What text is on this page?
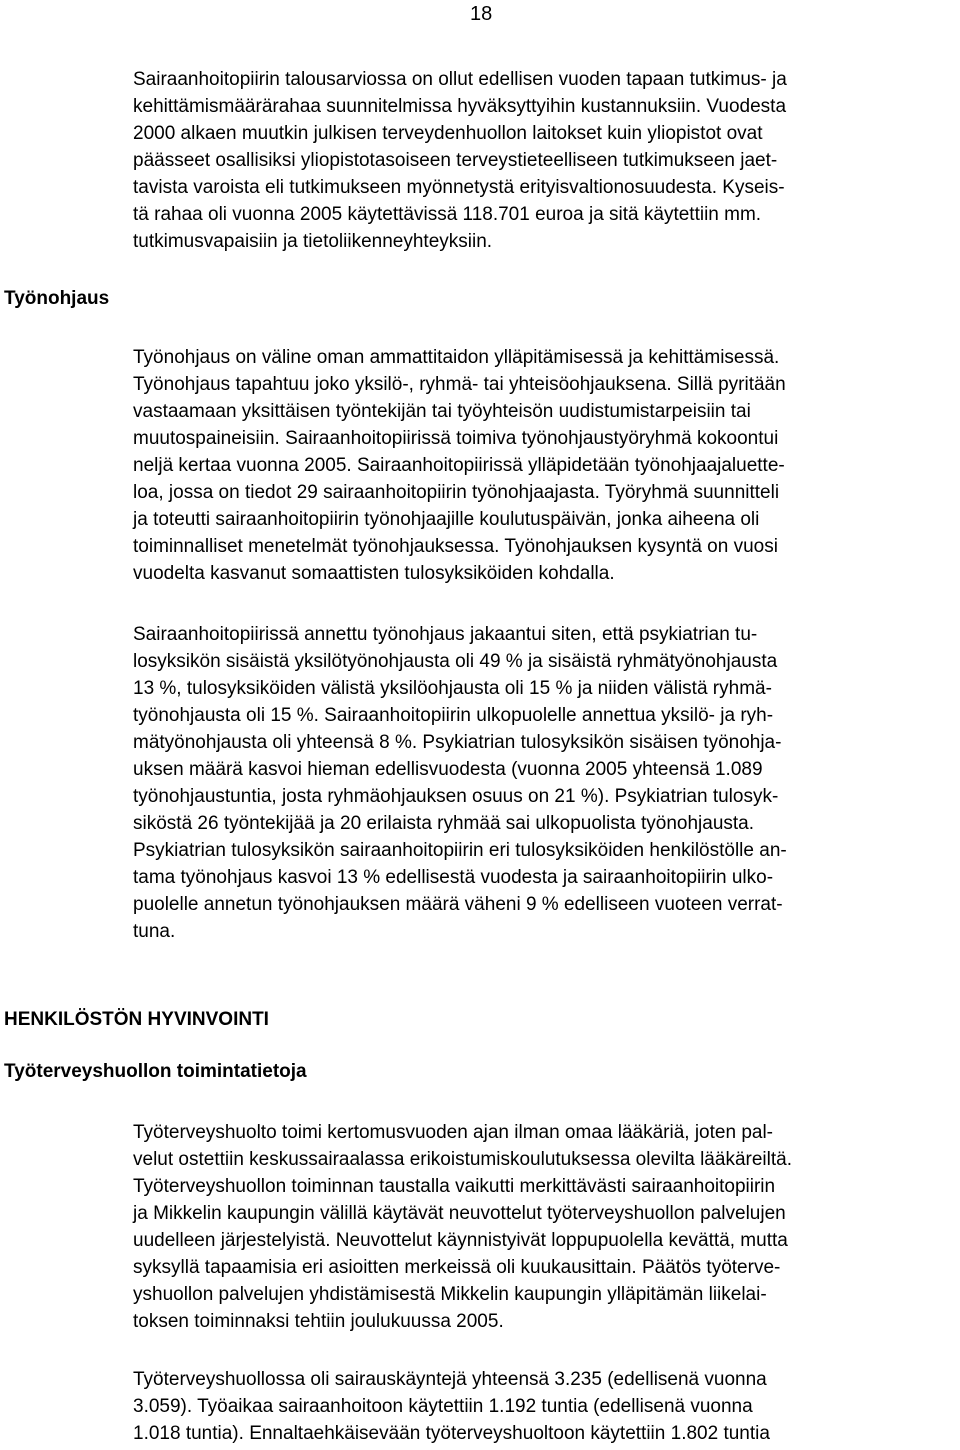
18
Sairaanhoitopiirin talousarviossa on ollut edellisen vuoden tapaan tutkimus- ja
kehittämismäärärahaa suunnitelmissa hyväksyttyihin kustannuksiin. Vuodesta
2000 alkaen muutkin julkisen terveydenhuollon laitokset kuin yliopistot ovat
päässeet osallisiksi yliopistotasoiseen terveystieteelliseen tutkimukseen jaet-
tavista varoista eli tutkimukseen myönnetystä erityisvaltionosuudesta. Kyseis-
tä rahaa oli vuonna 2005 käytettävissä 118.701 euroa ja sitä käytettiin mm.
tutkimusvapaisiin ja tietoliikenneyhteyksiin.
Työnohjaus
Työnohjaus on väline oman ammattitaidon ylläpitämisessä ja kehittämisessä.
Työnohjaus tapahtuu joko yksilö-, ryhmä- tai yhteisöohjauksena. Sillä pyritään
vastaamaan yksittäisen työntekijän tai työyhteisön uudistumistarpeisiin tai
muutospaineisiin. Sairaanhoitopiirissä toimiva työnohjaustyöryhmä kokoontui
neljä kertaa vuonna 2005. Sairaanhoitopiirissä ylläpidetään työnohjaajaluette-
loa, jossa on tiedot 29 sairaanhoitopiirin työnohjaajasta. Työryhmä suunnitteli
ja toteutti sairaanhoitopiirin työnohjaajille koulutuspäivän, jonka aiheena oli
toiminnalliset menetelmät työnohjauksessa. Työnohjauksen kysyntä on vuosi
vuodelta kasvanut somaattisten tulosyksiköiden kohdalla.
Sairaanhoitopiirissä annettu työnohjaus jakaantui siten, että psykiatrian tu-
losyksikön sisäistä yksilötyönohjausta oli 49 % ja sisäistä ryhmätyönohjausta
13 %, tulosyksiköiden välistä yksilöohjausta oli 15 % ja niiden välistä ryhmä-
työnohjausta oli 15 %. Sairaanhoitopiirin ulkopuolelle annettua yksilö- ja ryh-
mätyönohjausta oli yhteensä 8 %. Psykiatrian tulosyksikön sisäisen työnohja-
uksen määrä kasvoi hieman edellisvuodesta (vuonna 2005 yhteensä 1.089
työnohjaustuntia, josta ryhmäohjauksen osuus on 21 %). Psykiatrian tulosyk-
siköstä 26 työntekijää ja 20 erilaista ryhmää sai ulkopuolista työnohjausta.
Psykiatrian tulosyksikön sairaanhoitopiirin eri tulosyksiköiden henkilöstölle an-
tama työnohjaus kasvoi 13 % edellisestä vuodesta ja sairaanhoitopiirin ulko-
puolelle annetun työnohjauksen määrä väheni 9 % edelliseen vuoteen verrat-
tuna.
HENKILÖSTÖN HYVINVOINTI
Työterveyshuollon toimintatietoja
Työterveyshuolto toimi kertomusvuoden ajan ilman omaa lääkäriä, joten pal-
velut ostettiin keskussairaalassa erikoistumiskoulutuksessa olevilta lääkäreiltä.
Työterveyshuollon toiminnan taustalla vaikutti merkittävästi sairaanhoitopiirin
ja Mikkelin kaupungin välillä käytävät neuvottelut työterveyshuollon palvelujen
uudelleen järjestelyistä. Neuvottelut käynnistyivät loppupuolella kevättä, mutta
syksyllä tapaamisia eri asioitten merkeissä oli kuukausittain. Päätös työterve-
yshuollon palvelujen yhdistämisestä Mikkelin kaupungin ylläpitämän liikelai-
toksen toiminnaksi tehtiin joulukuussa 2005.
Työterveyshuollossa oli sairauskäyntejä yhteensä 3.235 (edellisenä vuonna
3.059). Työaikaa sairaanhoitoon käytettiin 1.192 tuntia (edellisenä vuonna
1.018 tuntia). Ennaltaehkäisevään työterveyshuoltoon käytettiin 1.802 tuntia
